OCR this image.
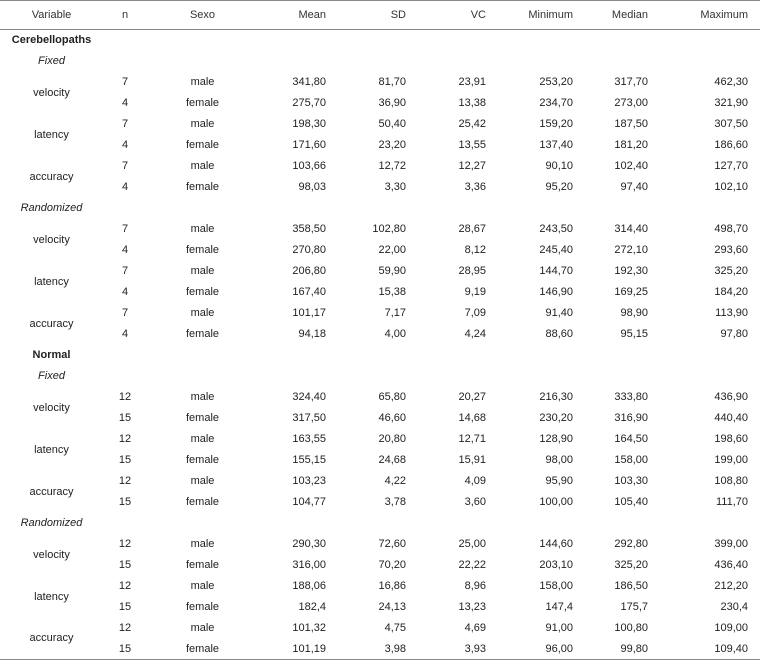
Variable	n	Sexo	Mean	SD	VC	Minimum	Median	Maximum
Cerebellopaths								
Fixed								
velocity	7	male	341,80	81,70	23,91	253,20	317,70	462,30
	4	female	275,70	36,90	13,38	234,70	273,00	321,90
latency	7	male	198,30	50,40	25,42	159,20	187,50	307,50
	4	female	171,60	23,20	13,55	137,40	181,20	186,60
accuracy	7	male	103,66	12,72	12,27	90,10	102,40	127,70
	4	female	98,03	3,30	3,36	95,20	97,40	102,10
Randomized								
velocity	7	male	358,50	102,80	28,67	243,50	314,40	498,70
	4	female	270,80	22,00	8,12	245,40	272,10	293,60
latency	7	male	206,80	59,90	28,95	144,70	192,30	325,20
	4	female	167,40	15,38	9,19	146,90	169,25	184,20
accuracy	7	male	101,17	7,17	7,09	91,40	98,90	113,90
	4	female	94,18	4,00	4,24	88,60	95,15	97,80
Normal								
Fixed								
velocity	12	male	324,40	65,80	20,27	216,30	333,80	436,90
	15	female	317,50	46,60	14,68	230,20	316,90	440,40
latency	12	male	163,55	20,80	12,71	128,90	164,50	198,60
	15	female	155,15	24,68	15,91	98,00	158,00	199,00
accuracy	12	male	103,23	4,22	4,09	95,90	103,30	108,80
	15	female	104,77	3,78	3,60	100,00	105,40	111,70
Randomized								
velocity	12	male	290,30	72,60	25,00	144,60	292,80	399,00
	15	female	316,00	70,20	22,22	203,10	325,20	436,40
latency	12	male	188,06	16,86	8,96	158,00	186,50	212,20
	15	female	182,4	24,13	13,23	147,4	175,7	230,4
accuracy	12	male	101,32	4,75	4,69	91,00	100,80	109,00
	15	female	101,19	3,98	3,93	96,00	99,80	109,40
